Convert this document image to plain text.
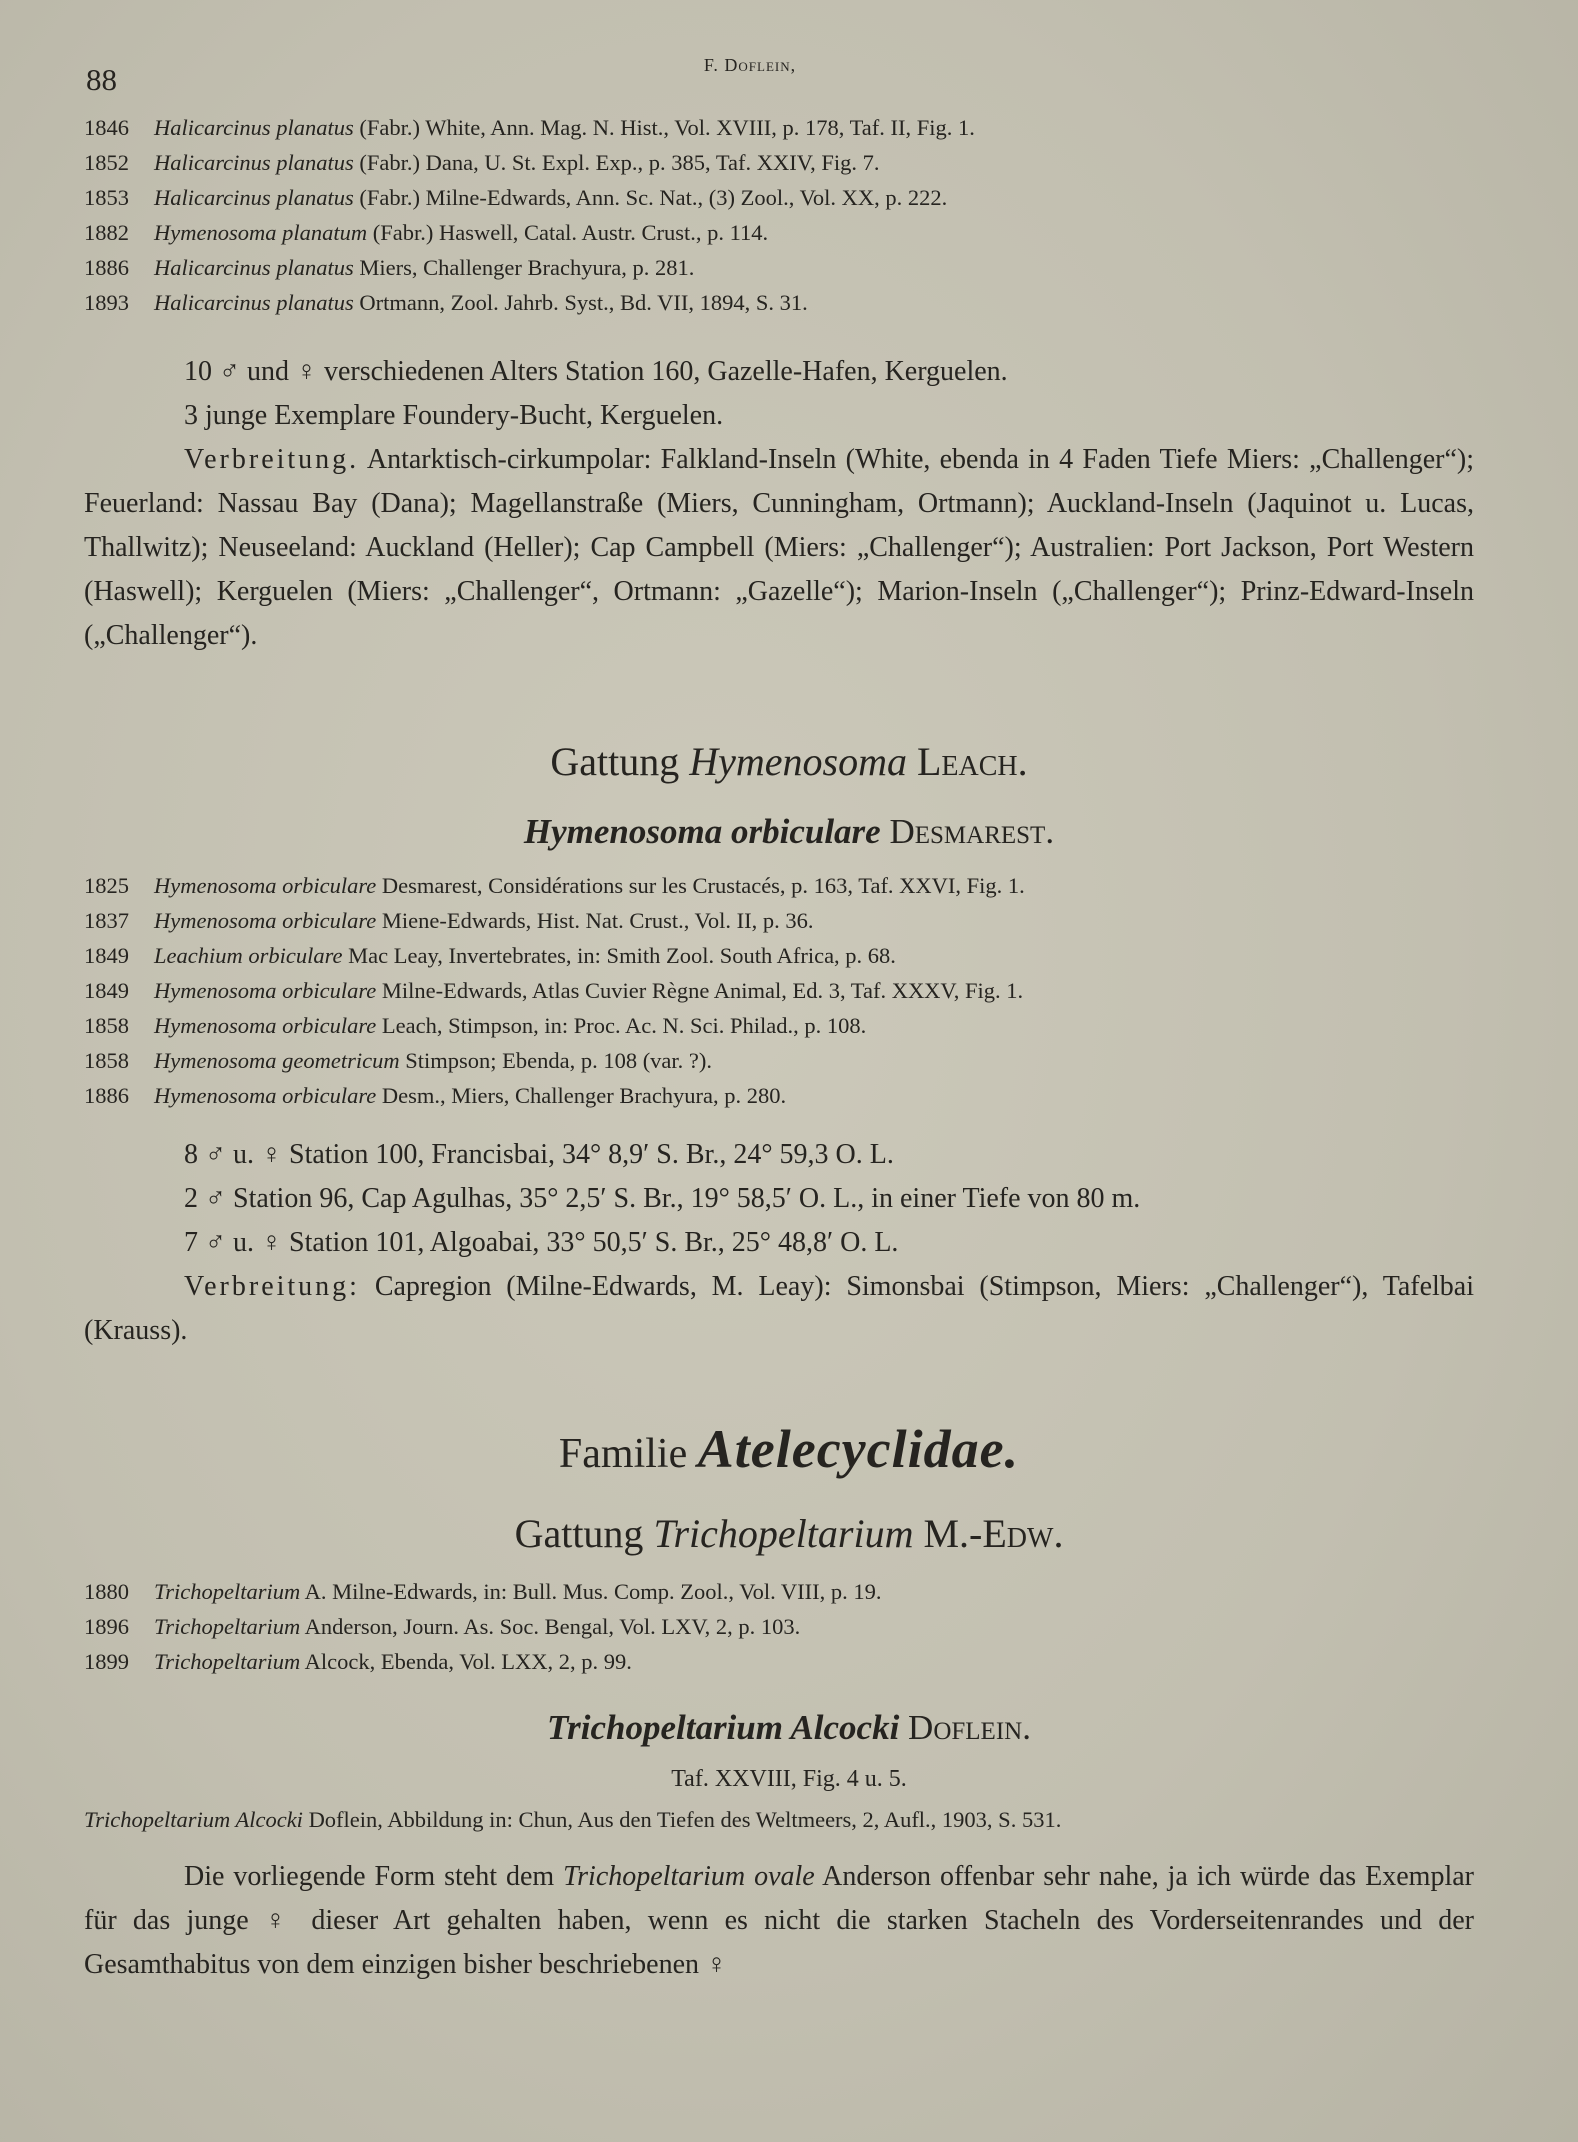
88	F. Doflein,
1846 Halicarcinus planatus (Fabr.) White, Ann. Mag. N. Hist., Vol. XVIII, p. 178, Taf. II, Fig. 1.
1852 Halicarcinus planatus (Fabr.) Dana, U. St. Expl. Exp., p. 385, Taf. XXIV, Fig. 7.
1853 Halicarcinus planatus (Fabr.) Milne-Edwards, Ann. Sc. Nat., (3) Zool., Vol. XX, p. 222.
1882 Hymenosoma planatum (Fabr.) Haswell, Catal. Austr. Crust., p. 114.
1886 Halicarcinus planatus Miers, Challenger Brachyura, p. 281.
1893 Halicarcinus planatus Ortmann, Zool. Jahrb. Syst., Bd. VII, 1894, S. 31.
10 ♂ und ♀ verschiedenen Alters Station 160, Gazelle-Hafen, Kerguelen.
3 junge Exemplare Foundery-Bucht, Kerguelen.
Verbreitung. Antarktisch-cirkumpolar: Falkland-Inseln (White, ebenda in 4 Faden Tiefe Miers: „Challenger“); Feuerland: Nassau Bay (Dana); Magellanstraße (Miers, Cunningham, Ortmann); Auckland-Inseln (Jaquinot u. Lucas, Thallwitz); Neuseeland: Auckland (Heller); Cap Campbell (Miers: „Challenger“); Australien: Port Jackson, Port Western (Haswell); Kerguelen (Miers: „Challenger“, Ortmann: „Gazelle“); Marion-Inseln („Challenger“); Prinz-Edward-Inseln („Challenger“).
Gattung Hymenosoma Leach.
Hymenosoma orbiculare Desmarest.
1825 Hymenosoma orbiculare Desmarest, Considérations sur les Crustacés, p. 163, Taf. XXVI, Fig. 1.
1837 Hymenosoma orbiculare Miene-Edwards, Hist. Nat. Crust., Vol. II, p. 36.
1849 Leachium orbiculare Mac Leay, Invertebrates, in: Smith Zool. South Africa, p. 68.
1849 Hymenosoma orbiculare Milne-Edwards, Atlas Cuvier Règne Animal, Ed. 3, Taf. XXXV, Fig. 1.
1858 Hymenosoma orbiculare Leach, Stimpson, in: Proc. Ac. N. Sci. Philad., p. 108.
1858 Hymenosoma geometricum Stimpson; Ebenda, p. 108 (var. ?).
1886 Hymenosoma orbiculare Desm., Miers, Challenger Brachyura, p. 280.
8 ♂ u. ♀ Station 100, Francisbai, 34° 8,9′ S. Br., 24° 59,3 O. L.
2 ♂ Station 96, Cap Agulhas, 35° 2,5′ S. Br., 19° 58,5′ O. L., in einer Tiefe von 80 m.
7 ♂ u. ♀ Station 101, Algoabai, 33° 50,5′ S. Br., 25° 48,8′ O. L.
Verbreitung: Capregion (Milne-Edwards, M. Leay): Simonsbai (Stimpson, Miers: „Challenger“), Tafelbai (Krauss).
Familie Atelecyclidae.
Gattung Trichopeltarium M.-Edw.
1880 Trichopeltarium A. Milne-Edwards, in: Bull. Mus. Comp. Zool., Vol. VIII, p. 19.
1896 Trichopeltarium Anderson, Journ. As. Soc. Bengal, Vol. LXV, 2, p. 103.
1899 Trichopeltarium Alcock, Ebenda, Vol. LXX, 2, p. 99.
Trichopeltarium Alcocki Doflein.
Taf. XXVIII, Fig. 4 u. 5.
Trichopeltarium Alcocki Doflein, Abbildung in: Chun, Aus den Tiefen des Weltmeers, 2, Aufl., 1903, S. 531.
Die vorliegende Form steht dem Trichopeltarium ovale Anderson offenbar sehr nahe, ja ich würde das Exemplar für das junge ♀ dieser Art gehalten haben, wenn es nicht die starken Stacheln des Vorderseitenrandes und der Gesamthabitus von dem einzigen bisher beschriebenen ♀
